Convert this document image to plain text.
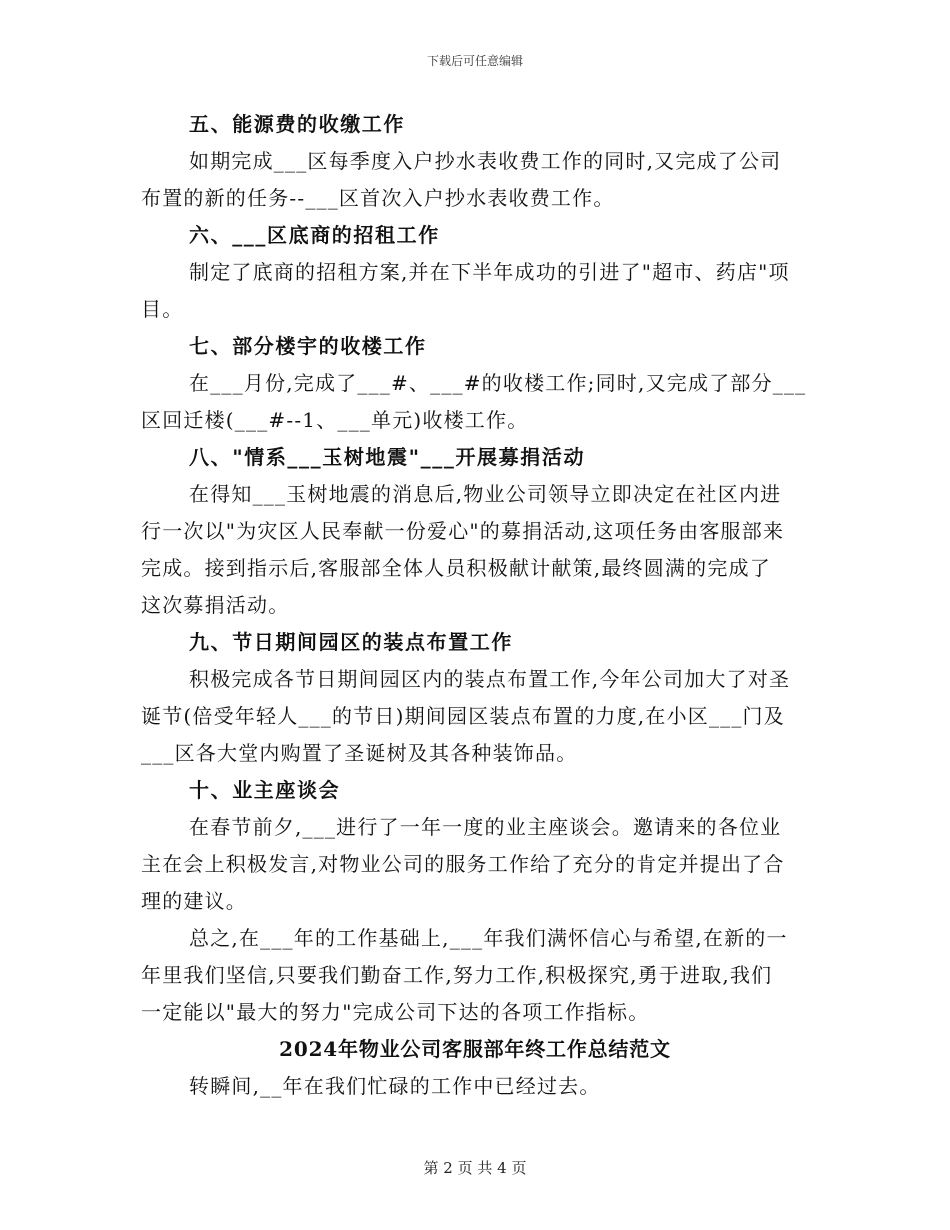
下载后可任意编辑
五、能源费的收缴工作
如期完成___区每季度入户抄水表收费工作的同时,又完成了公司
布置的新的任务--___区首次入户抄水表收费工作。
六、___区底商的招租工作
制定了底商的招租方案,并在下半年成功的引进了"超市、药店"项
目。
七、部分楼宇的收楼工作
在___月份,完成了___#、___#的收楼工作;同时,又完成了部分___
区回迁楼(___#--1、___单元)收楼工作。
八、"情系___玉树地震"___开展募捐活动
在得知___玉树地震的消息后,物业公司领导立即决定在社区内进
行一次以"为灾区人民奉献一份爱心"的募捐活动,这项任务由客服部来
完成。接到指示后,客服部全体人员积极献计献策,最终圆满的完成了
这次募捐活动。
九、节日期间园区的装点布置工作
积极完成各节日期间园区内的装点布置工作,今年公司加大了对圣
诞节(倍受年轻人___的节日)期间园区装点布置的力度,在小区___门及
___区各大堂内购置了圣诞树及其各种装饰品。
十、业主座谈会
在春节前夕,___进行了一年一度的业主座谈会。邀请来的各位业
主在会上积极发言,对物业公司的服务工作给了充分的肯定并提出了合
理的建议。
总之,在___年的工作基础上,___年我们满怀信心与希望,在新的一
年里我们坚信,只要我们勤奋工作,努力工作,积极探究,勇于进取,我们
一定能以"最大的努力"完成公司下达的各项工作指标。
2024年物业公司客服部年终工作总结范文
转瞬间,__年在我们忙碌的工作中已经过去。
第 2 页 共 4 页
